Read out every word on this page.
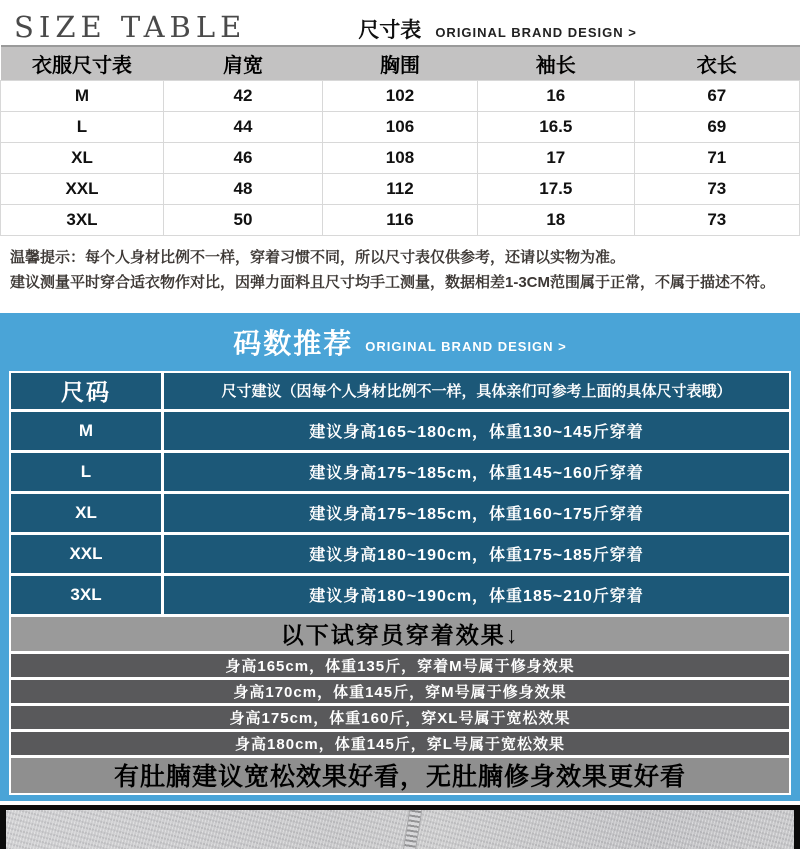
SIZE TABLE	尺寸表 ORIGINAL BRAND DESIGN >
衣服尺寸表	肩宽	胸围	袖长	衣长
M	42	102	16	67
L	44	106	16.5	69
XL	46	108	17	71
XXL	48	112	17.5	73
3XL	50	116	18	73
温馨提示：每个人身材比例不一样，穿着习惯不同，所以尺寸表仅供参考，还请以实物为准。
建议测量平时穿合适衣物作对比，因弹力面料且尺寸均手工测量，数据相差1-3CM范围属于正常，不属于描述不符。
码数推荐 ORIGINAL BRAND DESIGN >
尺码	尺寸建议（因每个人身材比例不一样，具体亲们可参考上面的具体尺寸表哦）
M	建议身高165~180cm，体重130~145斤穿着
L	建议身高175~185cm，体重145~160斤穿着
XL	建议身高175~185cm，体重160~175斤穿着
XXL	建议身高180~190cm，体重175~185斤穿着
3XL	建议身高180~190cm，体重185~210斤穿着
以下试穿员穿着效果↓
身高165cm，体重135斤，穿着M号属于修身效果
身高170cm，体重145斤，穿M号属于修身效果
身高175cm，体重160斤，穿XL号属于宽松效果
身高180cm，体重145斤，穿L号属于宽松效果
有肚腩建议宽松效果好看，无肚腩修身效果更好看
